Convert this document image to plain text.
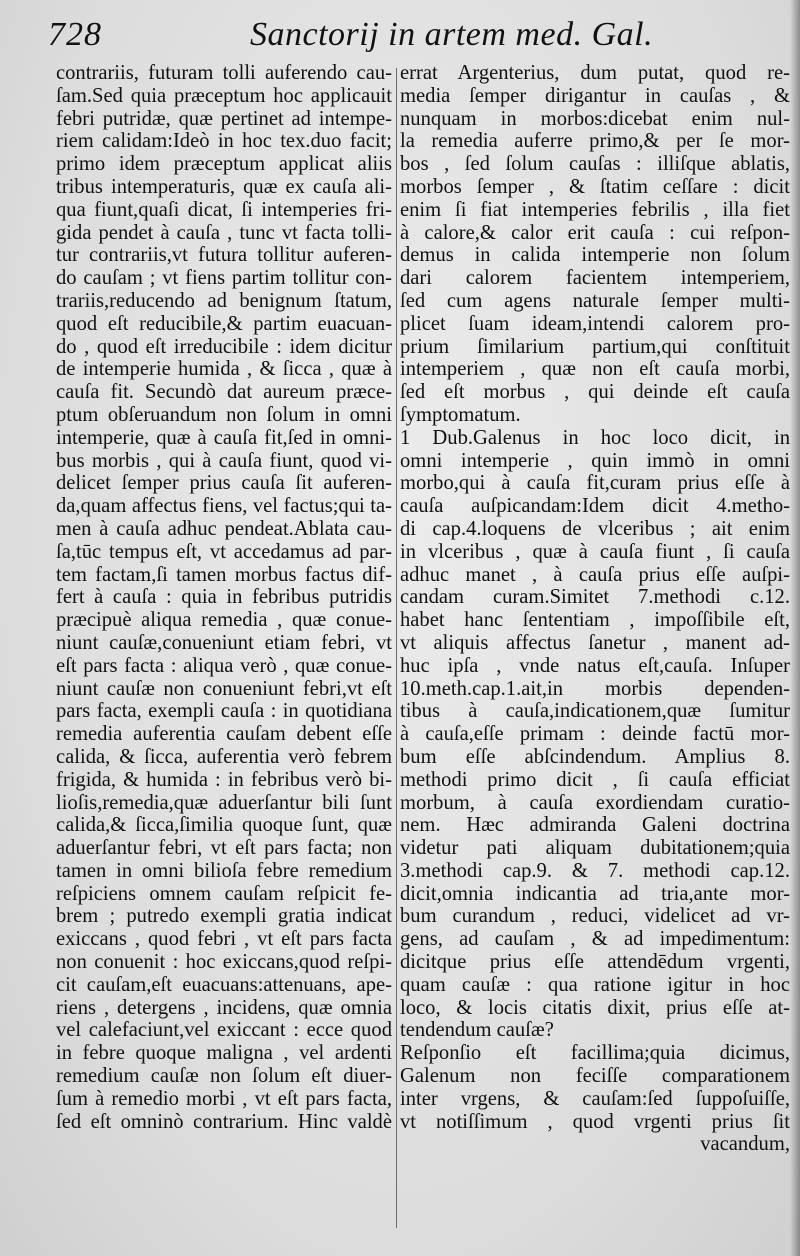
728	Sanctorij in artem med. Gal.
contrariis, futuram tolli auferendo cau-
ſam.Sed quia præceptum hoc applicauit
febri putridæ, quæ pertinet ad intempe-
riem calidam:Ideò in hoc tex.duo facit;
primo idem præceptum applicat aliis
tribus intemperaturis, quæ ex cauſa ali-
qua fiunt,quaſi dicat, ſi intemperies fri-
gida pendet à cauſa , tunc vt facta tolli-
tur contrariis,vt futura tollitur auferen-
do cauſam ; vt fiens partim tollitur con-
trariis,reducendo ad benignum ſtatum,
quod eſt reducibile,& partim euacuan-
do , quod eſt irreducibile : idem dicitur
de intemperie humida , & ſicca , quæ à
cauſa fit. Secundò dat aureum præce-
ptum obſeruandum non ſolum in omni
intemperie, quæ à cauſa fit,ſed in omni-
bus morbis , qui à cauſa fiunt, quod vi-
delicet ſemper prius cauſa ſit auferen-
da,quam affectus fiens, vel factus;qui ta-
men à cauſa adhuc pendeat.Ablata cau-
ſa,tūc tempus eſt, vt accedamus ad par-
tem factam,ſi tamen morbus factus dif-
fert à cauſa : quia in febribus putridis
præcipuè aliqua remedia , quæ conue-
niunt cauſæ,conueniunt etiam febri, vt
eſt pars facta : aliqua verò , quæ conue-
niunt cauſæ non conueniunt febri,vt eſt
pars facta, exempli cauſa : in quotidiana
remedia auferentia cauſam debent eſſe
calida, & ſicca, auferentia verò febrem
frigida, & humida : in febribus verò bi-
lioſis,remedia,quæ aduerſantur bili ſunt
calida,& ſicca,ſimilia quoque ſunt, quæ
aduerſantur febri, vt eſt pars facta; non
tamen in omni bilioſa febre remedium
reſpiciens omnem cauſam reſpicit fe-
brem ; putredo exempli gratia indicat
exiccans , quod febri , vt eſt pars facta
non conuenit : hoc exiccans,quod reſpi-
cit cauſam,eſt euacuans:attenuans, ape-
riens , detergens , incidens, quæ omnia
vel calefaciunt,vel exiccant : ecce quod
in febre quoque maligna , vel ardenti
remedium cauſæ non ſolum eſt diuer-
ſum à remedio morbi , vt eſt pars facta,
ſed eſt omninò contrarium. Hinc valdè
errat Argenterius, dum putat, quod re-
media ſemper dirigantur in cauſas , &
nunquam in morbos:dicebat enim nul-
la remedia auferre primo,& per ſe mor-
bos , ſed ſolum cauſas : illiſque ablatis,
morbos ſemper , & ſtatim ceſſare : dicit
enim ſi fiat intemperies febrilis , illa fiet
à calore,& calor erit cauſa : cui reſpon-
demus in calida intemperie non ſolum
dari calorem facientem intemperiem,
ſed cum agens naturale ſemper multi-
plicet ſuam ideam,intendi calorem pro-
prium ſimilarium partium,qui conſtituit
intemperiem , quæ non eſt cauſa morbi,
ſed eſt morbus , qui deinde eſt cauſa
ſymptomatum.
1 Dub.Galenus in hoc loco dicit, in
omni intemperie , quin immò in omni
morbo,qui à cauſa fit,curam prius eſſe à
cauſa auſpicandam:Idem dicit 4.metho-
di cap.4.loquens de vlceribus ; ait enim
in vlceribus , quæ à cauſa fiunt , ſi cauſa
adhuc manet , à cauſa prius eſſe auſpi-
candam curam.Simitet 7.methodi c.12.
habet hanc ſententiam , impoſſibile eſt,
vt aliquis affectus ſanetur , manent ad-
huc ipſa , vnde natus eſt,cauſa. Inſuper
10.meth.cap.1.ait,in morbis dependen-
tibus à cauſa,indicationem,quæ ſumitur
à cauſa,eſſe primam : deinde factū mor-
bum eſſe abſcindendum. Amplius 8.
methodi primo dicit , ſi cauſa efficiat
morbum, à cauſa exordiendam curatio-
nem. Hæc admiranda Galeni doctrina
videtur pati aliquam dubitationem;quia
3.methodi cap.9. & 7. methodi cap.12.
dicit,omnia indicantia ad tria,ante mor-
bum curandum , reduci, videlicet ad vr-
gens, ad cauſam , & ad impedimentum:
dicitque prius eſſe attendēdum vrgenti,
quam cauſæ : qua ratione igitur in hoc
loco, & locis citatis dixit, prius eſſe at-
tendendum cauſæ?
Reſponſio eſt facillima;quia dicimus,
Galenum non feciſſe comparationem
inter vrgens, & cauſam:ſed ſuppoſuiſſe,
vt notiſſimum , quod vrgenti prius ſit
vacandum,
